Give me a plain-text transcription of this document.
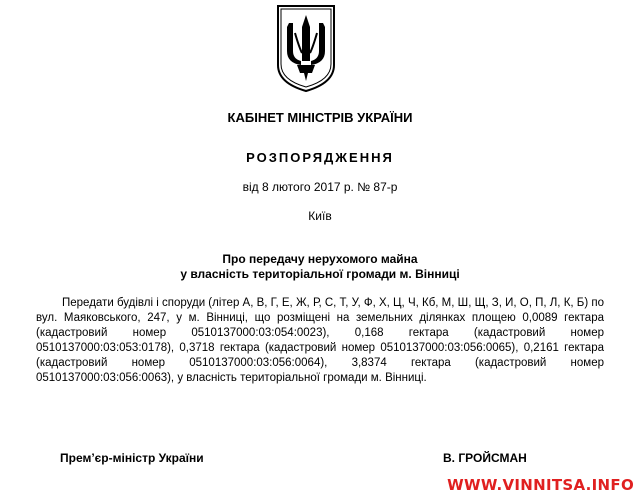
КАБІНЕТ МІНІСТРІВ УКРАЇНИ
РОЗПОРЯДЖЕННЯ
від 8 лютого 2017 р. № 87-р
Київ
Про передачу нерухомого майна
у власність територіальної громади м. Вінниці

Передати будівлі і споруди (літер А, В, Г, Е, Ж, Р, С, Т, У, Ф, Х, Ц, Ч, Кб, М, Ш, Щ, З, И, О, П, Л, К, Б) по вул. Маяковського, 247, у м. Вінниці, що розміщені на земельних ділянках площею 0,0089 гектара (кадастровий номер 0510137000:03:054:0023), 0,168 гектара (кадастровий номер 0510137000:03:053:0178), 0,3718 гектара (кадастровий номер 0510137000:03:056:0065), 0,2161 гектара (кадастровий номер 0510137000:03:056:0064), 3,8374 гектара (кадастровий номер 0510137000:03:056:0063), у власність територіальної громади м. Вінниці.

Прем’єр-міністр України	В. ГРОЙСМАН
WWW.VINNITSA.INFO
